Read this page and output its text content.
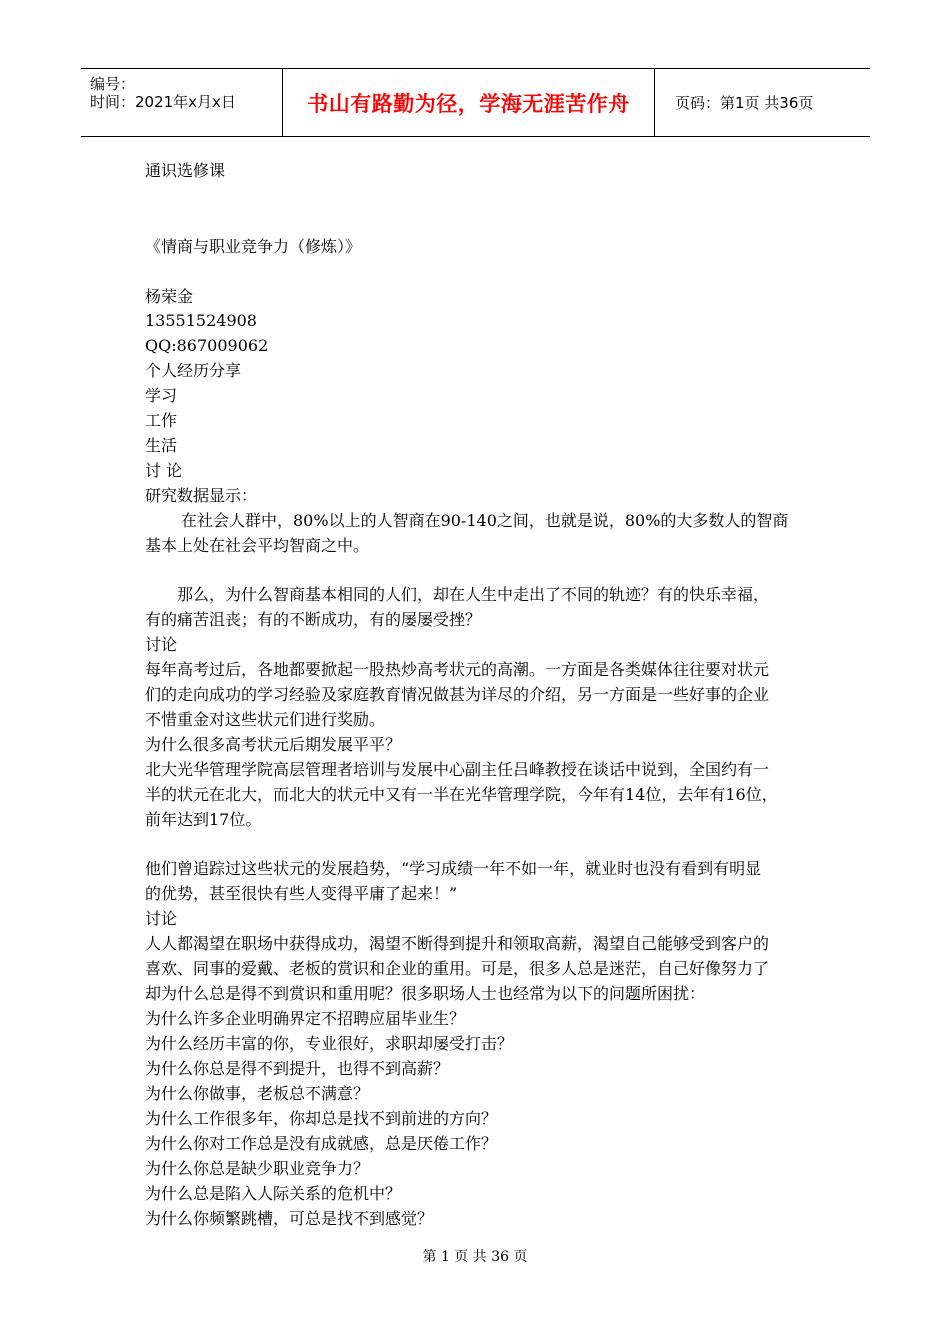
编号：
时间：2021年x月x日	书山有路勤为径，学海无涯苦作舟	页码：第1页 共36页
通识选修课
《情商与职业竞争力（修炼）》
杨荣金
13551524908
QQ:867009062
个人经历分享
学习
工作
生活
讨 论
研究数据显示：
在社会人群中，80%以上的人智商在90-140之间，也就是说，80%的大多数人的智商
基本上处在社会平均智商之中。
那么，为什么智商基本相同的人们，却在人生中走出了不同的轨迹？有的快乐幸福，
有的痛苦沮丧；有的不断成功，有的屡屡受挫？
讨论
每年高考过后，各地都要掀起一股热炒高考状元的高潮。一方面是各类媒体往往要对状元
们的走向成功的学习经验及家庭教育情况做甚为详尽的介绍，另一方面是一些好事的企业
不惜重金对这些状元们进行奖励。
为什么很多高考状元后期发展平平？
北大光华管理学院高层管理者培训与发展中心副主任吕峰教授在谈话中说到，全国约有一
半的状元在北大，而北大的状元中又有一半在光华管理学院，今年有14位，去年有16位，
前年达到17位。
他们曾追踪过这些状元的发展趋势，“学习成绩一年不如一年，就业时也没有看到有明显
的优势，甚至很快有些人变得平庸了起来！”
讨论
人人都渴望在职场中获得成功，渴望不断得到提升和领取高薪，渴望自己能够受到客户的
喜欢、同事的爱戴、老板的赏识和企业的重用。可是，很多人总是迷茫，自己好像努力了
却为什么总是得不到赏识和重用呢？很多职场人士也经常为以下的问题所困扰：
为什么许多企业明确界定不招聘应届毕业生？
为什么经历丰富的你，专业很好，求职却屡受打击？
为什么你总是得不到提升，也得不到高薪？
为什么你做事，老板总不满意？
为什么工作很多年，你却总是找不到前进的方向？
为什么你对工作总是没有成就感，总是厌倦工作？
为什么你总是缺少职业竞争力？
为什么总是陷入人际关系的危机中？
为什么你频繁跳槽，可总是找不到感觉？
第 1 页 共 36 页
